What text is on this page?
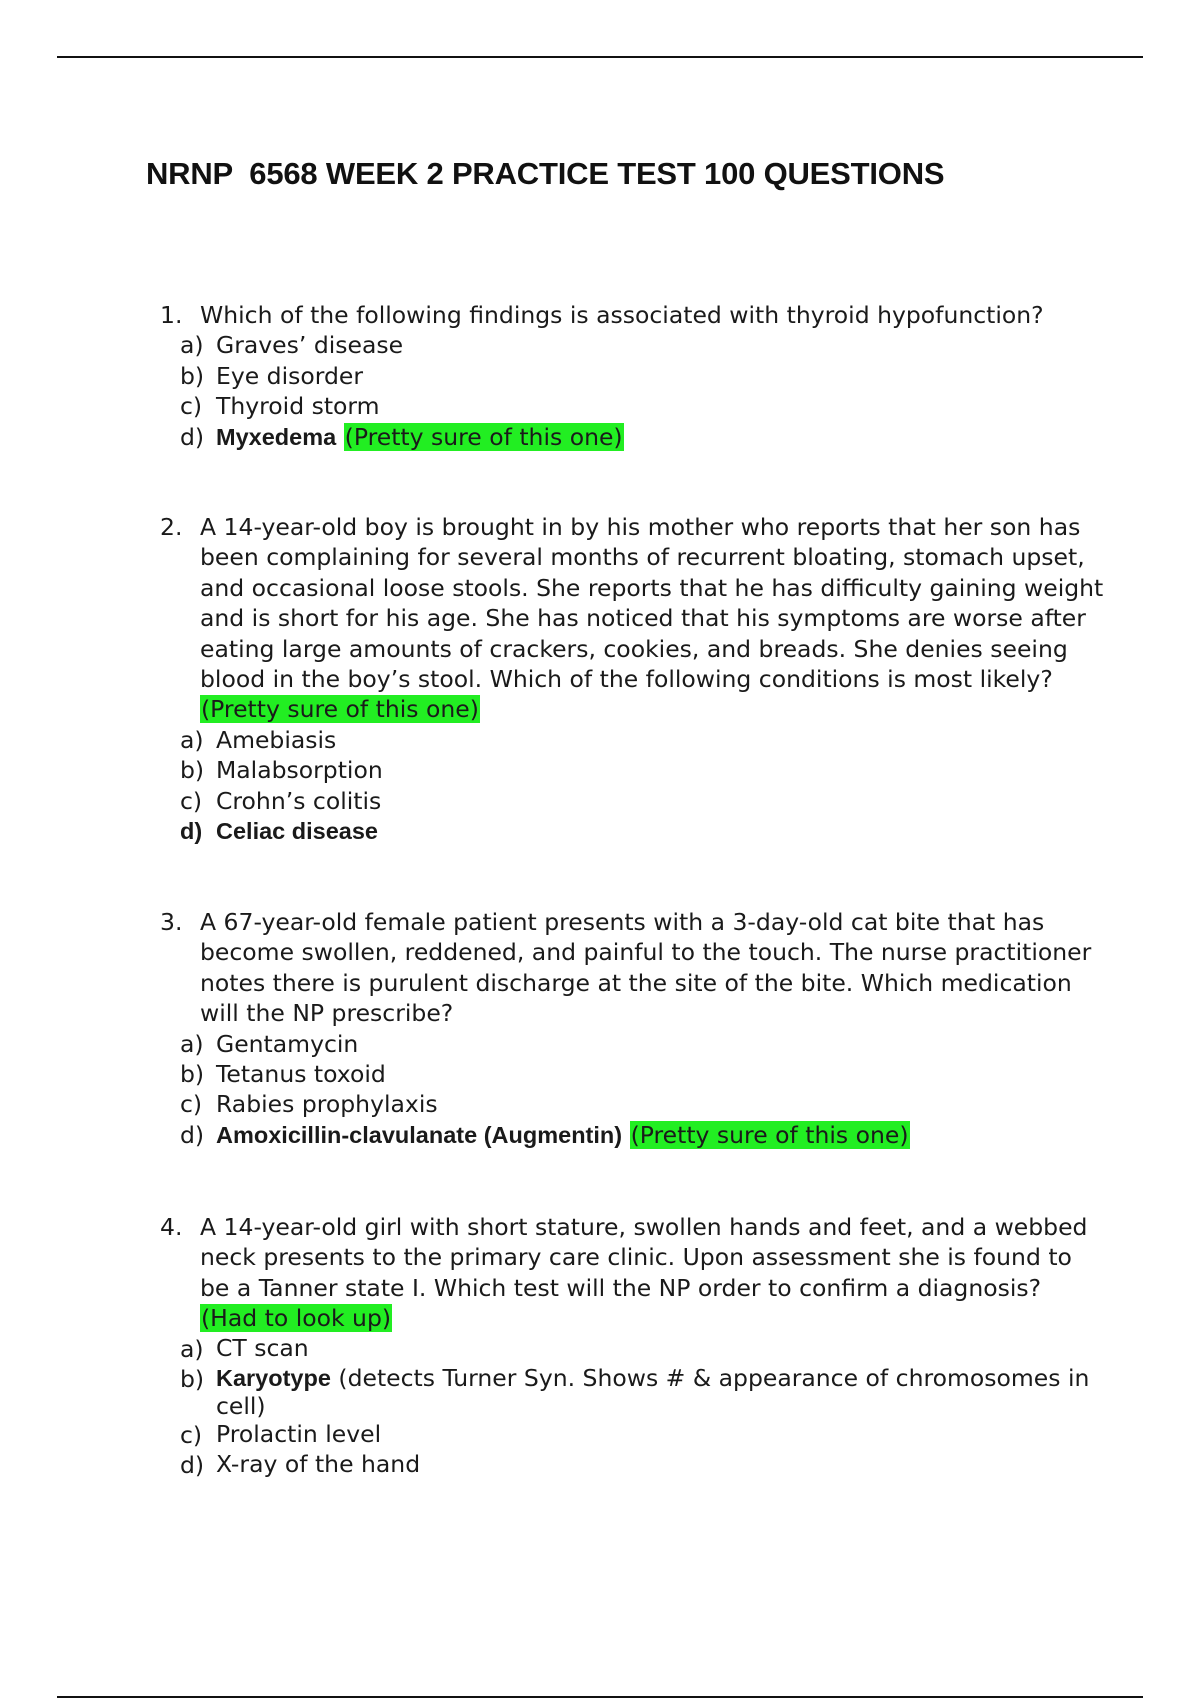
NRNP  6568 WEEK 2 PRACTICE TEST 100 QUESTIONS
1. Which of the following findings is associated with thyroid hypofunction?
a) Graves’ disease
b) Eye disorder
c) Thyroid storm
d) Myxedema (Pretty sure of this one)
2. A 14-year-old boy is brought in by his mother who reports that her son has been complaining for several months of recurrent bloating, stomach upset, and occasional loose stools. She reports that he has difficulty gaining weight and is short for his age. She has noticed that his symptoms are worse after eating large amounts of crackers, cookies, and breads. She denies seeing blood in the boy’s stool. Which of the following conditions is most likely? (Pretty sure of this one)
a) Amebiasis
b) Malabsorption
c) Crohn’s colitis
d) Celiac disease
3. A 67-year-old female patient presents with a 3-day-old cat bite that has become swollen, reddened, and painful to the touch. The nurse practitioner notes there is purulent discharge at the site of the bite. Which medication will the NP prescribe?
a) Gentamycin
b) Tetanus toxoid
c) Rabies prophylaxis
d) Amoxicillin-clavulanate (Augmentin) (Pretty sure of this one)
4. A 14-year-old girl with short stature, swollen hands and feet, and a webbed neck presents to the primary care clinic. Upon assessment she is found to be a Tanner state I. Which test will the NP order to confirm a diagnosis? (Had to look up)
a) CT scan
b) Karyotype (detects Turner Syn. Shows # & appearance of chromosomes in cell)
c) Prolactin level
d) X-ray of the hand
